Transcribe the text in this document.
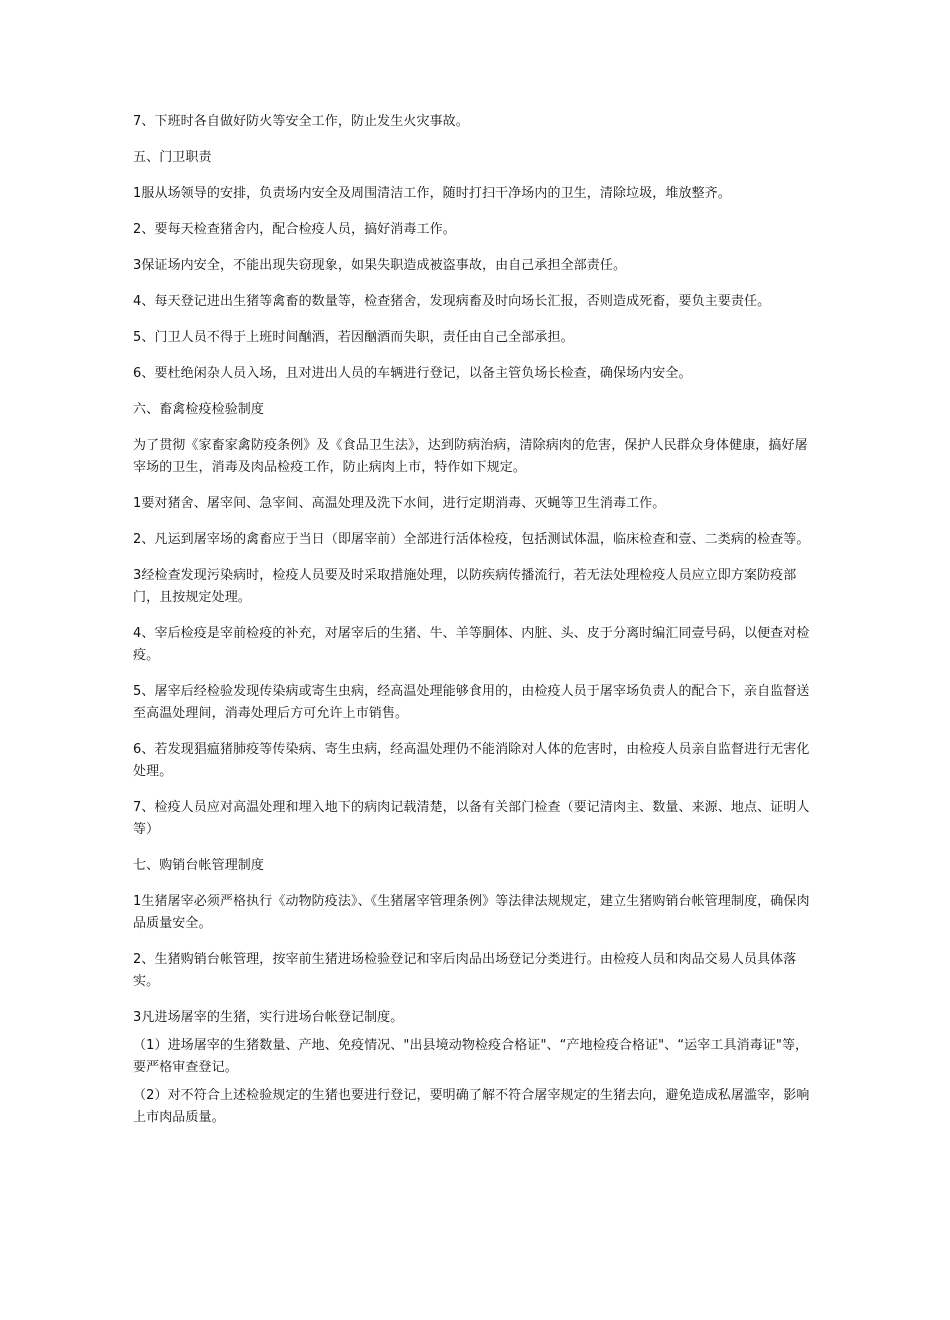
7、下班时各自做好防火等安全工作，防止发生火灾事故。

五、门卫职责

1服从场领导的安排，负责场内安全及周围清洁工作，随时打扫干净场内的卫生，清除垃圾，堆放整齐。

2、要每天检查猪舍内，配合检疫人员，搞好消毒工作。

3保证场内安全，不能出现失窃现象，如果失职造成被盗事故，由自己承担全部责任。

4、每天登记进出生猪等禽畜的数量等，检查猪舍，发现病畜及时向场长汇报，否则造成死畜，要负主要责任。

5、门卫人员不得于上班时间酗酒，若因酗酒而失职，责任由自己全部承担。

6、要杜绝闲杂人员入场，且对进出人员的车辆进行登记，以备主管负场长检查，确保场内安全。

六、畜禽检疫检验制度

为了贯彻《家畜家禽防疫条例》及《食品卫生法》，达到防病治病，清除病肉的危害，保护人民群众身体健康，搞好屠宰场的卫生，消毒及肉品检疫工作，防止病肉上市，特作如下规定。

1要对猪舍、屠宰间、急宰间、高温处理及洗下水间，进行定期消毒、灭蝇等卫生消毒工作。

2、凡运到屠宰场的禽畜应于当日（即屠宰前）全部进行活体检疫，包括测试体温，临床检查和壹、二类病的检查等。

3经检查发现污染病时，检疫人员要及时采取措施处理，以防疾病传播流行，若无法处理检疫人员应立即方案防疫部门，且按规定处理。

4、宰后检疫是宰前检疫的补充，对屠宰后的生猪、牛、羊等胴体、内脏、头、皮于分离时编汇同壹号码，以便查对检疫。

5、屠宰后经检验发现传染病或寄生虫病，经高温处理能够食用的，由检疫人员于屠宰场负责人的配合下，亲自监督送至高温处理间，消毒处理后方可允许上市销售。

6、若发现猖瘟猪肺疫等传染病、寄生虫病，经高温处理仍不能消除对人体的危害时，由检疫人员亲自监督进行无害化处理。

7、检疫人员应对高温处理和埋入地下的病肉记载清楚，以备有关部门检查（要记清肉主、数量、来源、地点、证明人等）

七、购销台帐管理制度

1生猪屠宰必须严格执行《动物防疫法》、《生猪屠宰管理条例》等法律法规规定，建立生猪购销台帐管理制度，确保肉品质量安全。

2、生猪购销台帐管理，按宰前生猪进场检验登记和宰后肉品出场登记分类进行。由检疫人员和肉品交易人员具体落实。

3凡进场屠宰的生猪，实行进场台帐登记制度。

（1）进场屠宰的生猪数量、产地、免疫情况、"出县境动物检疫合格证"、“产地检疫合格证"、“运宰工具消毒证"等，要严格审查登记。

（2）对不符合上述检验规定的生猪也要进行登记，要明确了解不符合屠宰规定的生猪去向，避免造成私屠滥宰，影响上市肉品质量。
